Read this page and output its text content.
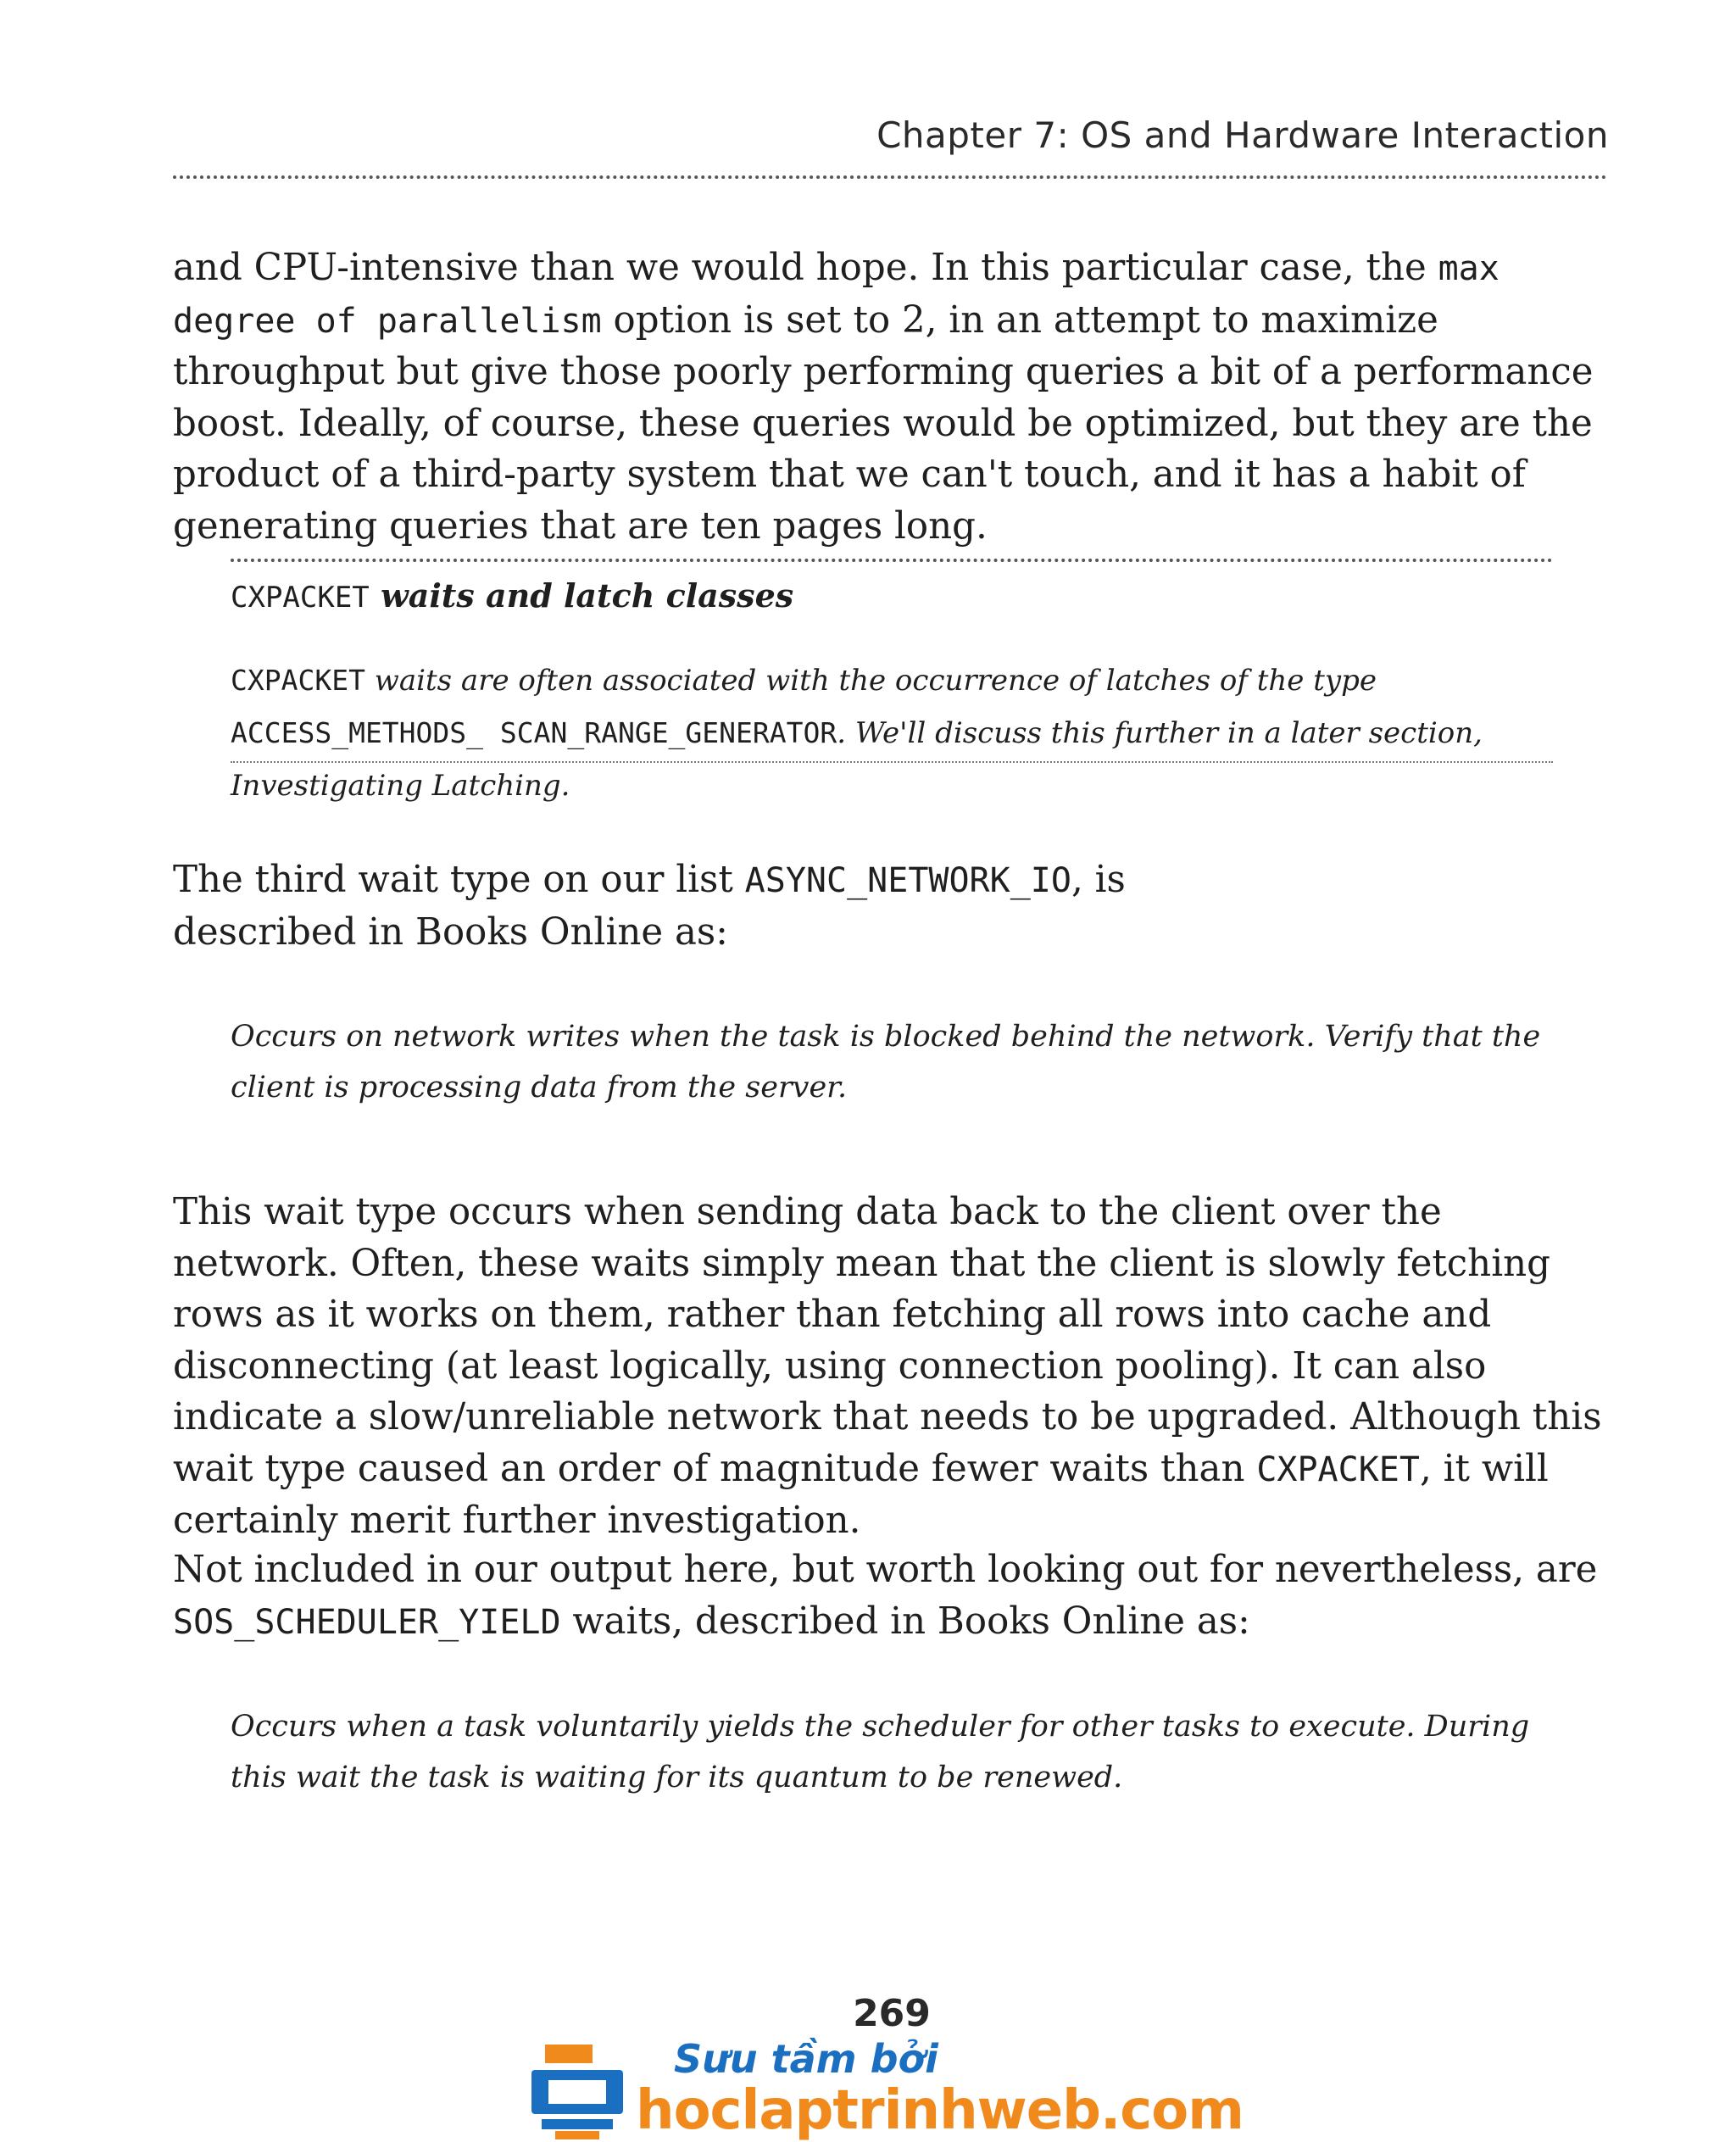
Chapter 7: OS and Hardware Interaction

and CPU-intensive than we would hope. In this particular case, the max degree of parallelism option is set to 2, in an attempt to maximize throughput but give those poorly performing queries a bit of a performance boost. Ideally, of course, these queries would be optimized, but they are the product of a third-party system that we can't touch, and it has a habit of generating queries that are ten pages long.

CXPACKET waits and latch classes

CXPACKET waits are often associated with the occurrence of latches of the type ACCESS_METHODS_ SCAN_RANGE_GENERATOR. We'll discuss this further in a later section, Investigating Latching.

The third wait type on our list ASYNC_NETWORK_IO, is described in Books Online as:

Occurs on network writes when the task is blocked behind the network. Verify that the client is processing data from the server.

This wait type occurs when sending data back to the client over the network. Often, these waits simply mean that the client is slowly fetching rows as it works on them, rather than fetching all rows into cache and disconnecting (at least logically, using connection pooling). It can also indicate a slow/unreliable network that needs to be upgraded. Although this wait type caused an order of magnitude fewer waits than CXPACKET, it will certainly merit further investigation.

Not included in our output here, but worth looking out for nevertheless, are SOS_SCHEDULER_YIELD waits, described in Books Online as:

Occurs when a task voluntarily yields the scheduler for other tasks to execute. During this wait the task is waiting for its quantum to be renewed.

269
Sưu tầm bởi
hoclaptrinhweb.com
